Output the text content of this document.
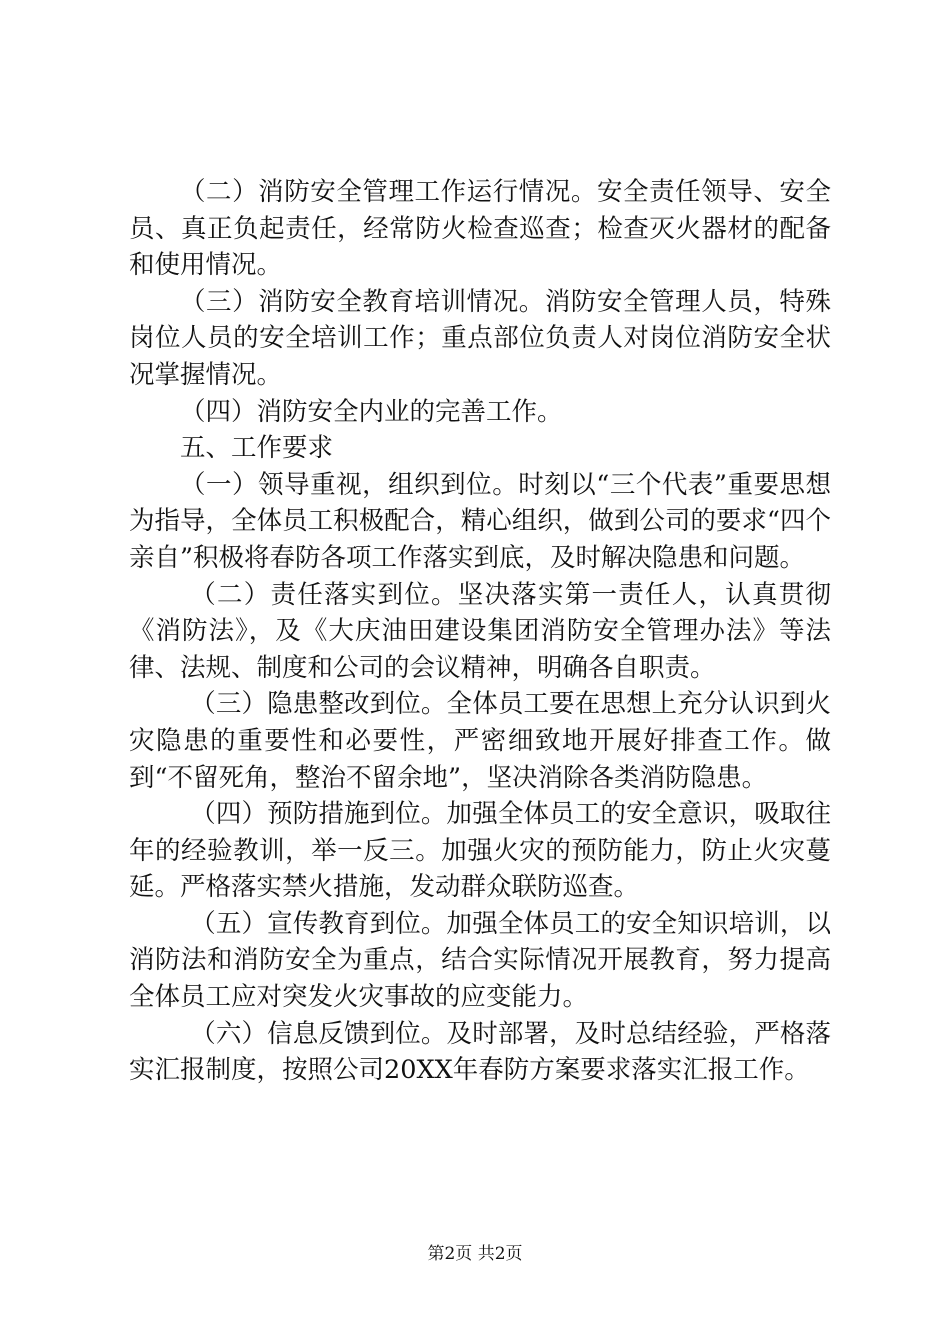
（二）消防安全管理工作运行情况。安全责任领导、安全员、真正负起责任，经常防火检查巡查；检查灭火器材的配备和使用情况。

（三）消防安全教育培训情况。消防安全管理人员，特殊岗位人员的安全培训工作；重点部位负责人对岗位消防安全状况掌握情况。

（四）消防安全内业的完善工作。

五、工作要求

（一）领导重视，组织到位。时刻以“三个代表”重要思想为指导，全体员工积极配合，精心组织，做到公司的要求“四个亲自”积极将春防各项工作落实到底，及时解决隐患和问题。

（二）责任落实到位。坚决落实第一责任人，认真贯彻《消防法》，及《大庆油田建设集团消防安全管理办法》等法律、法规、制度和公司的会议精神，明确各自职责。

（三）隐患整改到位。全体员工要在思想上充分认识到火灾隐患的重要性和必要性，严密细致地开展好排查工作。做到“不留死角，整治不留余地”，坚决消除各类消防隐患。

（四）预防措施到位。加强全体员工的安全意识，吸取往年的经验教训，举一反三。加强火灾的预防能力，防止火灾蔓延。严格落实禁火措施，发动群众联防巡查。

（五）宣传教育到位。加强全体员工的安全知识培训，以消防法和消防安全为重点，结合实际情况开展教育，努力提高全体员工应对突发火灾事故的应变能力。

（六）信息反馈到位。及时部署，及时总结经验，严格落实汇报制度，按照公司20XX年春防方案要求落实汇报工作。

第2页 共2页
